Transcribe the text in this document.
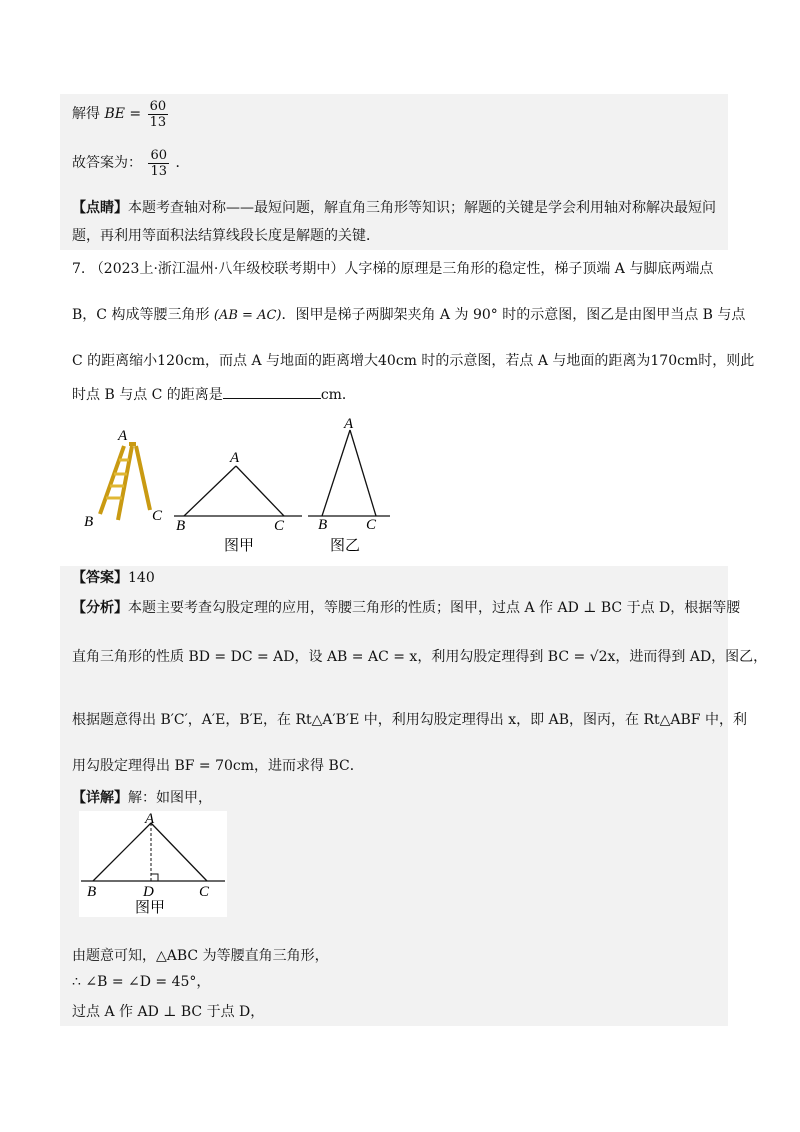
解得 BE = $\frac{60}{13}$
故答案为： $\frac{60}{13}$ ．
【点睛】本题考查轴对称——最短问题，解直角三角形等知识；解题的关键是学会利用轴对称解决最短问
题，再利用等面积法结算线段长度是解题的关键．
7. （2023上·浙江温州·八年级校联考期中）人字梯的原理是三角形的稳定性，梯子顶端 A 与脚底两端点
B，C 构成等腰三角形 (AB = AC)．图甲是梯子两脚架夹角 A 为 90° 时的示意图，图乙是由图甲当点 B 与点
C 的距离缩小120cm，而点 A 与地面的距离增大40cm 时的示意图，若点 A 与地面的距离为170cm时，则此
时点 B 与点 C 的距离是	cm．
A
B	C
A
B	C
图甲
A
B	C
图乙
【答案】140
【分析】本题主要考查勾股定理的应用，等腰三角形的性质；图甲，过点 A 作 AD ⊥ BC 于点 D，根据等腰
直角三角形的性质 BD = DC = AD，设 AB = AC = x，利用勾股定理得到 BC = √2x，进而得到 AD，图乙，
根据题意得出 B′C′，A′E，B′E，在 Rt△A′B′E 中，利用勾股定理得出 x，即 AB，图丙，在 Rt△ABF 中，利
用勾股定理得出 BF = 70cm，进而求得 BC．
【详解】解：如图甲，
A
B	D	C
图甲
由题意可知，△ABC 为等腰直角三角形，
∴ ∠B = ∠D = 45°，
过点 A 作 AD ⊥ BC 于点 D，
